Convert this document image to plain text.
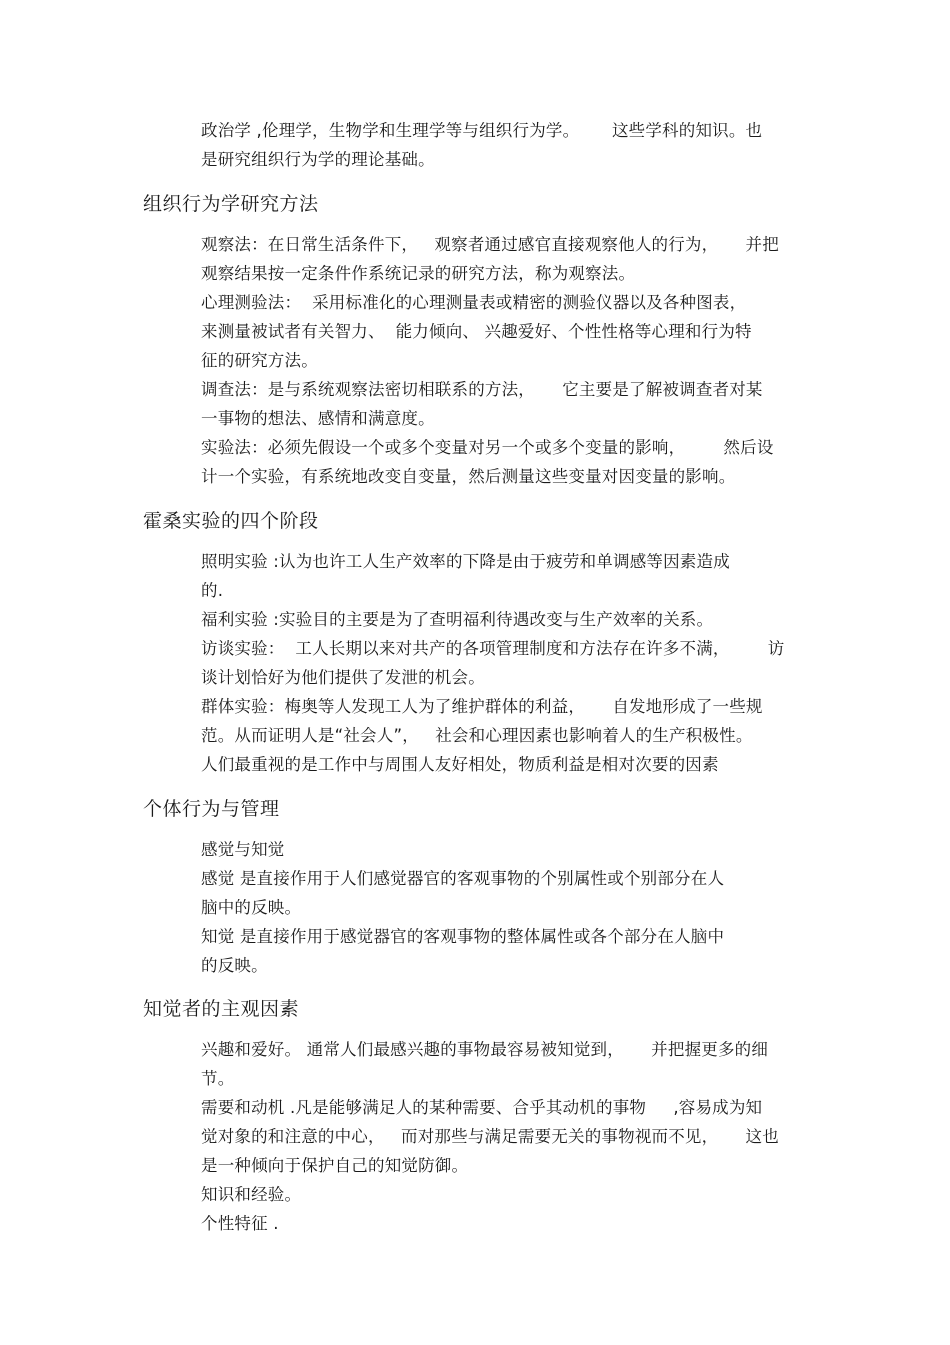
政治学 ,伦理学，生物学和生理学等与组织行为学。      这些学科的知识。也
是研究组织行为学的理论基础。
组织行为学研究方法
观察法：在日常生活条件下，   观察者通过感官直接观察他人的行为，     并把
观察结果按一定条件作系统记录的研究方法，称为观察法。
心理测验法：  采用标准化的心理测量表或精密的测验仪器以及各种图表，
来测量被试者有关智力、  能力倾向、 兴趣爱好、个性性格等心理和行为特
征的研究方法。
调查法：是与系统观察法密切相联系的方法，     它主要是了解被调查者对某
一事物的想法、感情和满意度。
实验法：必须先假设一个或多个变量对另一个或多个变量的影响，       然后设
计一个实验，有系统地改变自变量，然后测量这些变量对因变量的影响。
霍桑实验的四个阶段
照明实验 :认为也许工人生产效率的下降是由于疲劳和单调感等因素造成
的.
福利实验 :实验目的主要是为了查明福利待遇改变与生产效率的关系。
访谈实验：  工人长期以来对共产的各项管理制度和方法存在许多不满，       访
谈计划恰好为他们提供了发泄的机会。
群体实验：梅奥等人发现工人为了维护群体的利益，     自发地形成了一些规
范。从而证明人是“社会人”，   社会和心理因素也影响着人的生产积极性。
人们最重视的是工作中与周围人友好相处，物质利益是相对次要的因素
个体行为与管理
感觉与知觉
感觉 是直接作用于人们感觉器官的客观事物的个别属性或个别部分在人
脑中的反映。
知觉 是直接作用于感觉器官的客观事物的整体属性或各个部分在人脑中
的反映。
知觉者的主观因素
兴趣和爱好。 通常人们最感兴趣的事物最容易被知觉到，     并把握更多的细
节。
需要和动机 .凡是能够满足人的某种需要、合乎其动机的事物     ,容易成为知
觉对象的和注意的中心，   而对那些与满足需要无关的事物视而不见，     这也
是一种倾向于保护自己的知觉防御。
知识和经验。
个性特征 .
